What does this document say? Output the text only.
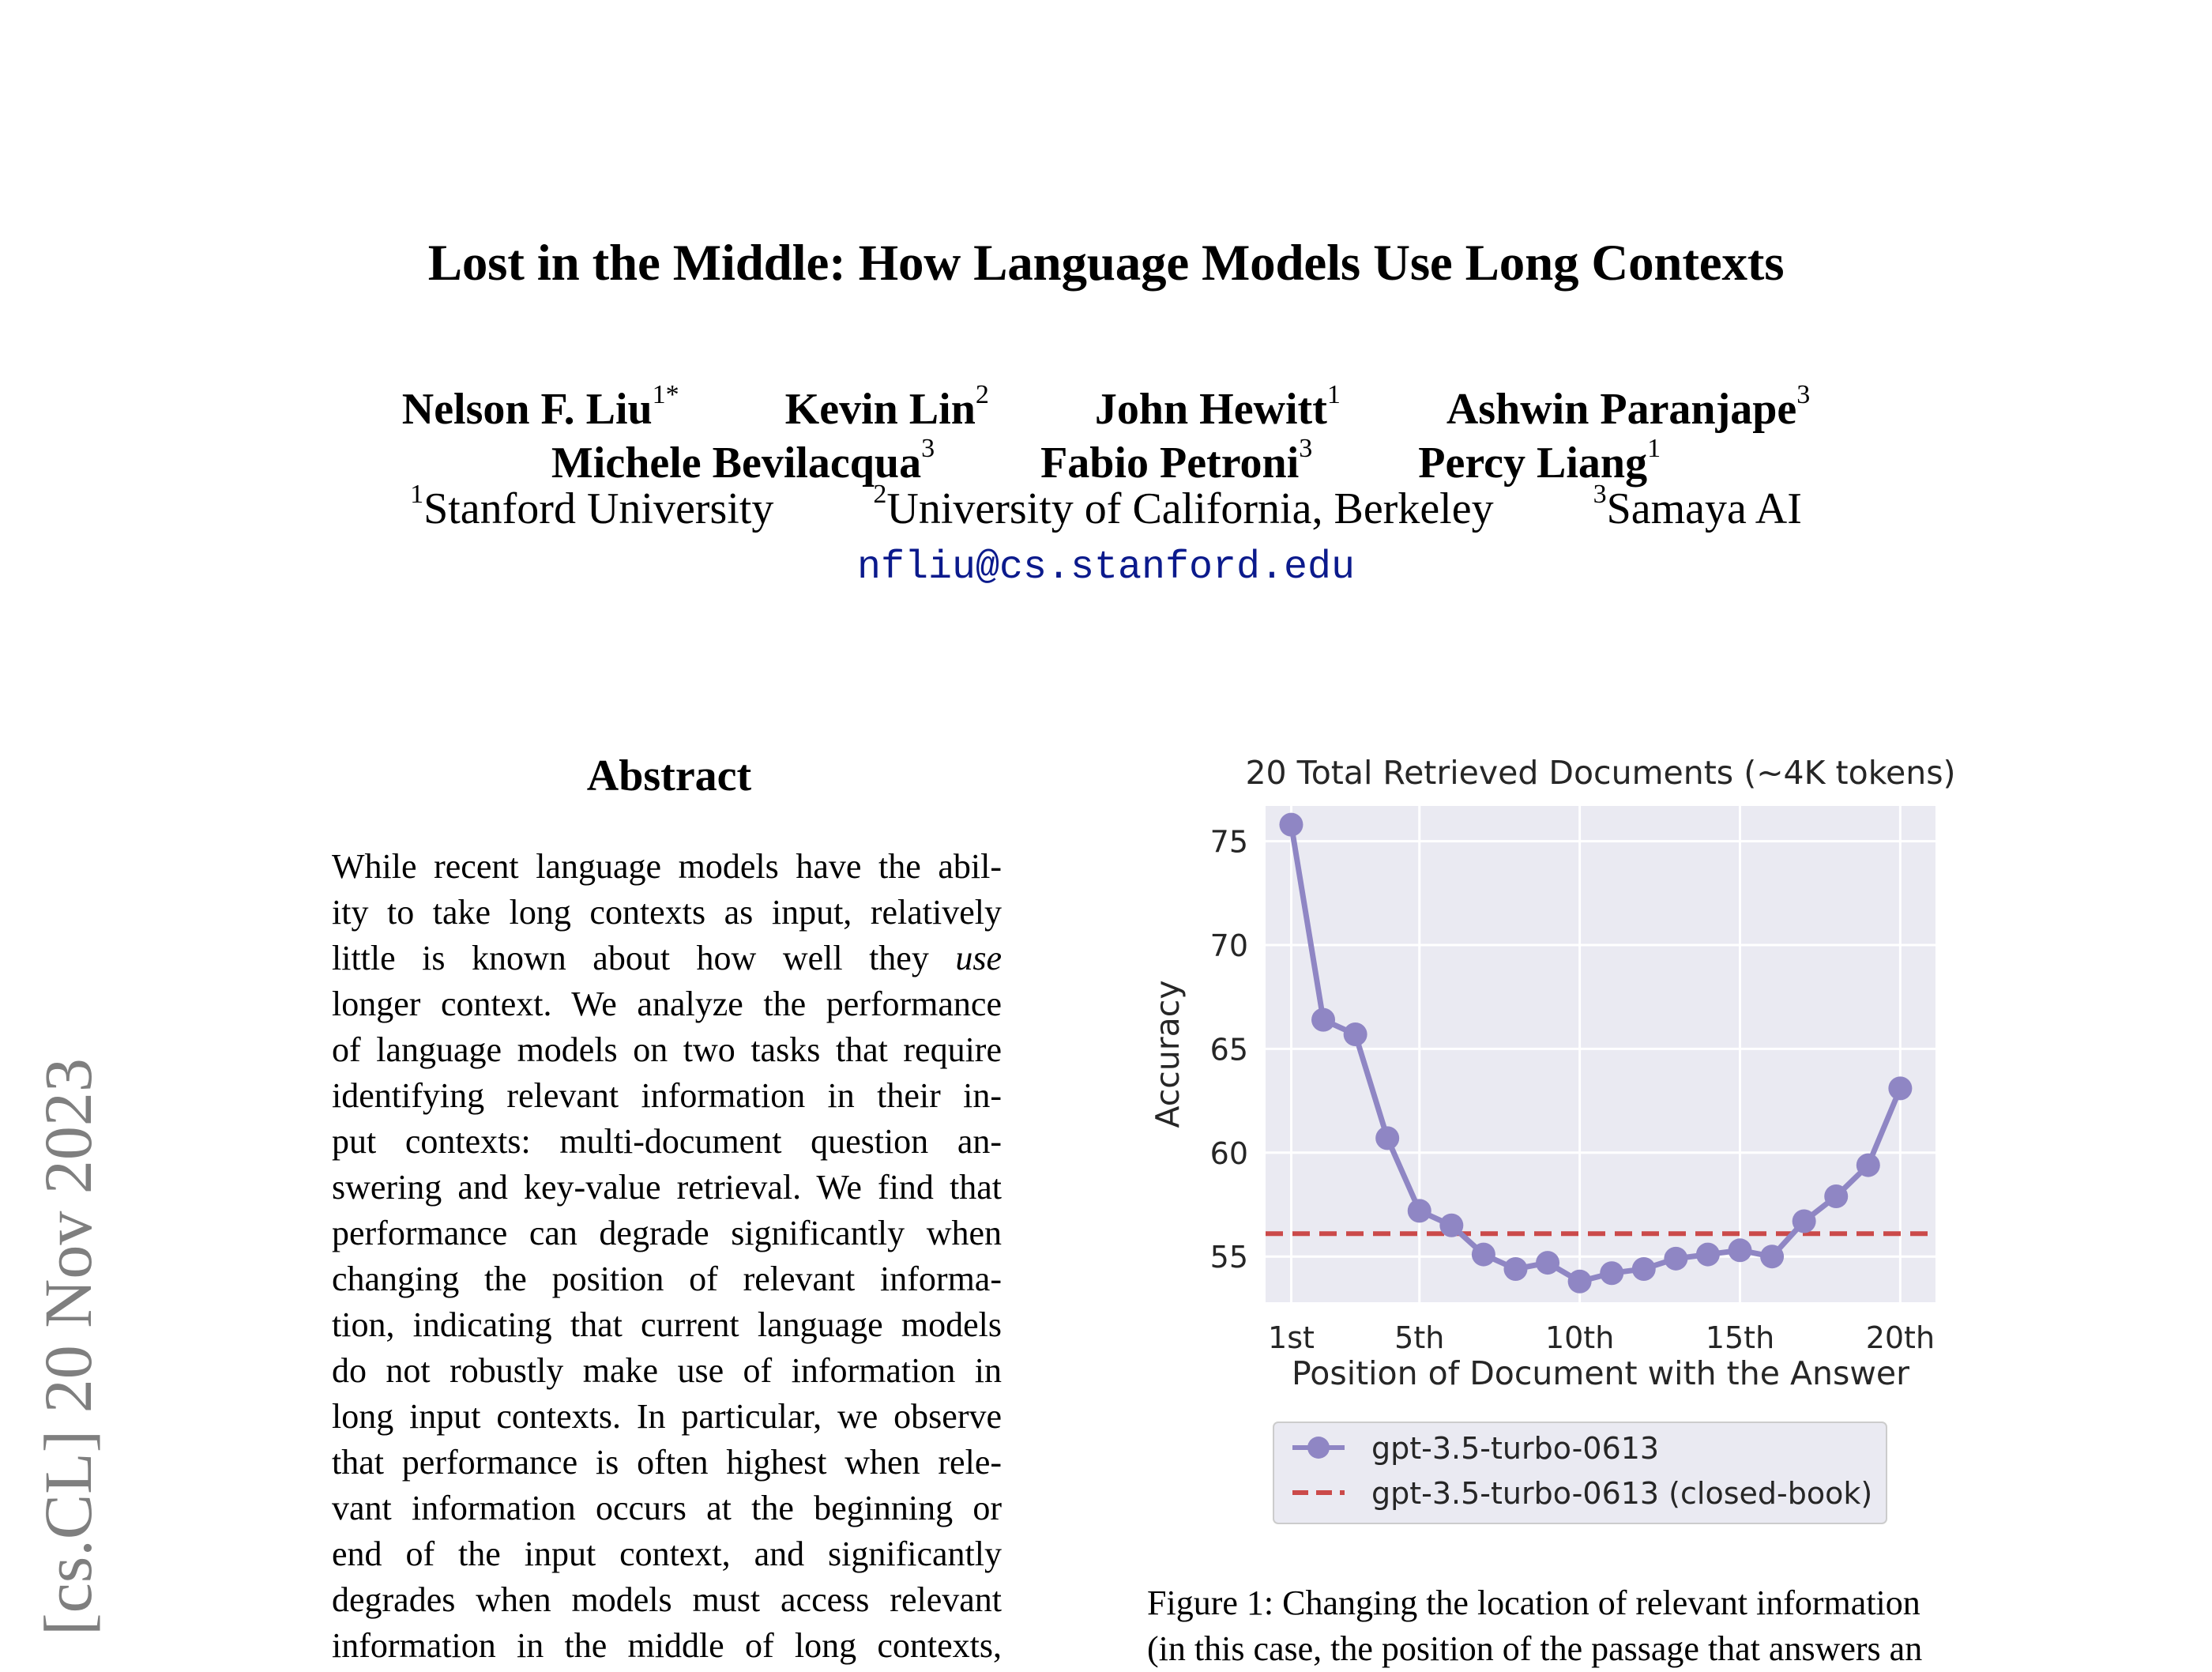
Lost in the Middle: How Language Models Use Long Contexts
Nelson F. Liu$^{1*}$ Kevin Lin$^2$ John Hewitt$^1$ Ashwin Paranjape$^3$
Michele Bevilacqua$^3$ Fabio Petroni$^3$ Percy Liang$^1$
$^1$Stanford University	$^2$University of California, Berkeley	$^3$Samaya AI
nfliu@cs.stanford.edu
[cs.CL] 20 Nov 2023
Abstract
While recent language models have the abil-
ity to take long contexts as input, relatively
little is known about how well they use
longer context. We analyze the performance
of language models on two tasks that require
identifying relevant information in their in-
put contexts: multi-document question an-
swering and key-value retrieval. We find that
performance can degrade significantly when
changing the position of relevant informa-
tion, indicating that current language models
do not robustly make use of information in
long input contexts. In particular, we observe
that performance is often highest when rele-
vant information occurs at the beginning or
end of the input context, and significantly
degrades when models must access relevant
information in the middle of long contexts,
20 Total Retrieved Documents (~4K tokens)
55
60
65
70
75
1st	5th	10th	15th	20th
Accuracy
Position of Document with the Answer
gpt-3.5-turbo-0613
gpt-3.5-turbo-0613 (closed-book)
Figure 1: Changing the location of relevant information
(in this case, the position of the passage that answers an
